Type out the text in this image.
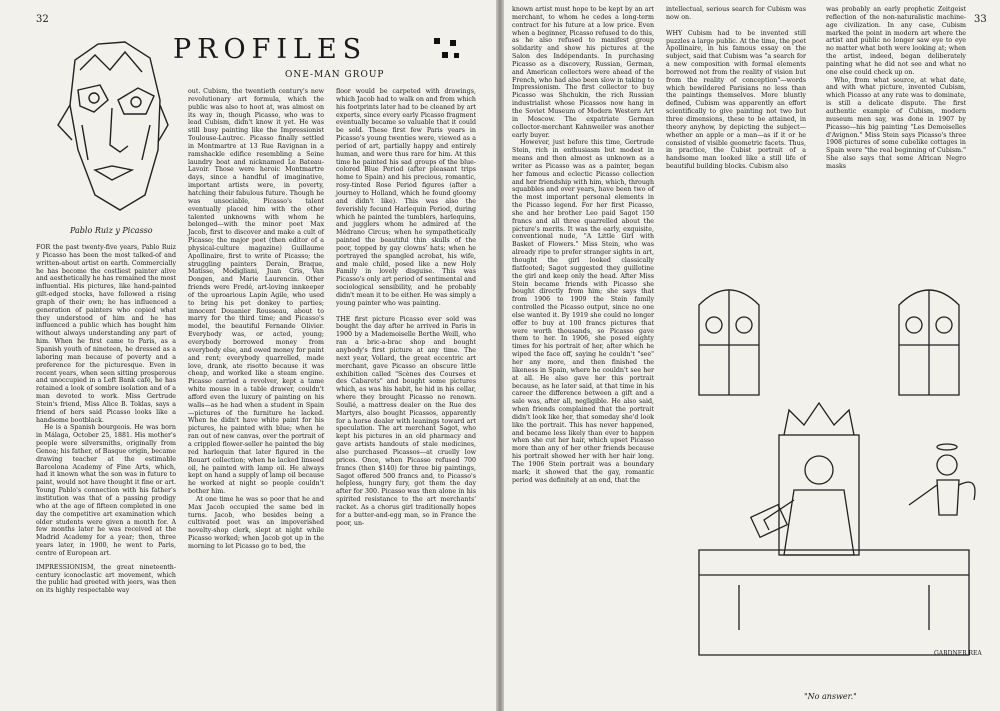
32
Pablo Ruiz y Picasso
PROFILES
ONE-MAN GROUP

FOR the past twenty-five years, Pablo Ruiz y Picasso has been the most talked-of and written-about artist on earth. Commercially he has become the costliest painter alive and aesthetically he has remained the most influential. His pictures, like hand-painted gilt-edged stocks, have followed a rising graph of their own; he has influenced a generation of painters who copied what they understood of him and he has influenced a public which has bought him without always understanding any part of him. When he first came to Paris, as a Spanish youth of nineteen, he dressed as a laboring man because of poverty and a preference for the picturesque. Even in recent years, when seen sitting prosperous and unoccupied in a Left Bank café, he has retained a look of sombre isolation and of a man devoted to work. Miss Gertrude Stein's friend, Miss Alice B. Toklas, says a friend of hers said Picasso looks like a handsome bootblack.

He is a Spanish bourgeois. He was born in Málaga, October 25, 1881. His mother's people were silversmiths, originally from Genoa; his father, of Basque origin, became drawing teacher at the estimable Barcelona Academy of Fine Arts, which, had it known what the son was in future to paint, would not have thought it fine or art. Young Pablo's connection with his father's institution was that of a passing prodigy who at the age of fifteen completed in one day the competitive art examination which older students were given a month for. A few months later he was received at the Madrid Academy for a year; then, three years later, in 1900, he went to Paris, centre of European art.

IMPRESSIONISM, the great nineteenth-century iconoclastic art movement, which the public had greeted with jeers, was then on its highly respectable way

out. Cubism, the twentieth century's new revolutionary art formula, which the public was also to hoot at, was almost on its way in, though Picasso, who was to lead Cubism, didn't know it yet. He was still busy painting like the Impressionist Toulouse-Lautrec. Picasso finally settled in Montmartre at 13 Rue Ravignan in a ramshackle edifice resembling a Seine laundry boat and nicknamed Le Bateau-Lavoir. Those were heroic Montmartre days, since a handful of imaginative, important artists were, in poverty, hatching their fabulous future. Though he was unsociable, Picasso's talent eventually placed him with the other talented unknowns with whom he belonged—with the minor poet Max Jacob, first to discover and make a cult of Picasso; the major poet (then editor of a physical-culture magazine) Guillaume Apollinaire, first to write of Picasso; the struggling painters Derain, Braque, Matisse, Modigliani, Juan Gris, Van Dongen, and Marie Laurencin. Other friends were Fredé, art-loving innkeeper of the uproarious Lapin Agile, who used to bring his pet donkey to parties; innocent Douanier Rousseau, about to marry for the third time; and Picasso's model, the beautiful Fernande Olivier. Everybody was, or acted, young; everybody borrowed money from everybody else, and owed money for paint and rent; everybody quarrelled, made love, drank, ate risotto because it was cheap, and worked like a steam engine. Picasso carried a revolver, kept a tame white mouse in a table drawer, couldn't afford even the luxury of painting on his walls—as he had when a student in Spain—pictures of the furniture he lacked. When he didn't have white paint for his pictures, he painted with blue; when he ran out of new canvas, over the portrait of a crippled flower-seller he painted the big red harlequin that later figured in the Rouart collection; when he lacked linseed oil, he painted with lamp oil. He always kept on hand a supply of lamp oil because he worked at night so people couldn't bother him.

At one time he was so poor that he and Max Jacob occupied the same bed in turns. Jacob, who besides being a cultivated poet was an impoverished novelty-shop clerk, slept at night while Picasso worked; when Jacob got up in the morning to let Picasso go to bed, the

floor would be carpeted with drawings, which Jacob had to walk on and from which his footprints later had to be cleaned by art experts, since every early Picasso fragment eventually became so valuable that it could be sold. These first few Paris years in Picasso's young twenties were, viewed as a period of art, partially happy and entirely human, and were thus rare for him. At this time he painted his sad groups of the blue-colored Blue Period (after pleasant trips home to Spain) and his precious, romantic, rosy-tinted Rose Period figures (after a journey to Holland, which he found gloomy and didn't like). This was also the feverishly fecund Harlequin Period, during which he painted the tumblers, harlequins, and jugglers whom he admired at the Médrano Circus; when he sympathetically painted the beautiful thin skulls of the poor, topped by gay clowns' hats; when he portrayed the spangled acrobat, his wife, and male child, posed like a new Holy Family in lovely disguise. This was Picasso's only art period of sentimental and sociological sensibility, and he probably didn't mean it to be either. He was simply a young painter who was painting.

THE first picture Picasso ever sold was bought the day after he arrived in Paris in 1900 by a Mademoiselle Berthe Weill, who ran a bric-a-brac shop and bought anybody's first picture at any time. The next year, Vollard, the great eccentric art merchant, gave Picasso an obscure little exhibition called "Scènes des Courses et des Cabarets" and bought some pictures which, as was his habit, he hid in his cellar, where they brought Picasso no renown. Soulié, a mattress dealer on the Rue des Martyrs, also bought Picassos, apparently for a horse dealer with leanings toward art speculation. The art merchant Sagot, who kept his pictures in an old pharmacy and gave artists handouts of stale medicines, also purchased Picassos—at cruelly low prices. Once, when Picasso refused 700 francs (then $140) for three big paintings, Sagot offered 500 francs and, to Picasso's helpless, hungry fury, got them the day after for 300. Picasso was then alone in his spirited resistance to the art merchants' racket. As a chorus girl traditionally hopes for a butter-and-egg man, so in France the poor, un-

33

known artist must hope to be kept by an art merchant, to whom he cedes a long-term contract for his future at a low price. Even when a beginner, Picasso refused to do this, as he also refused to manifest group solidarity and show his pictures at the Salon des Indépendants. In purchasing Picasso as a discovery, Russian, German, and American collectors were ahead of the French, who had also been slow in taking to Impressionism. The first collector to buy Picasso was Shchukin, the rich Russian industrialist whose Picassos now hang in the Soviet Museum of Modern Western Art in Moscow. The expatriate German collector-merchant Kahnweiler was another early buyer.

However, just before this time, Gertrude Stein, rich in enthusiasm but modest in means and then almost as unknown as a writer as Picasso was as a painter, began her famous and eclectic Picasso collection and her friendship with him, which, through squabbles and over years, have been two of the most important personal elements in the Picasso legend. For her first Picasso, she and her brother Leo paid Sagot 150 francs and all three quarrelled about the picture's merits. It was the early, exquisite, conventional nude, "A Little Girl with Basket of Flowers." Miss Stein, who was already ripe to prefer stranger sights in art, thought the girl looked classically flatfooted; Sagot suggested they guillotine the girl and keep only the head. After Miss Stein became friends with Picasso she bought directly from him; she says that from 1906 to 1909 the Stein family controlled the Picasso output, since no one else wanted it. By 1919 she could no longer offer to buy at 100 francs pictures that were worth thousands, so Picasso gave them to her. In 1906, she posed eighty times for his portrait of her, after which he wiped the face off, saying he couldn't "see" her any more, and then finished the likeness in Spain, where he couldn't see her at all. He also gave her this portrait because, as he later said, at that time in his career the difference between a gift and a sale was, after all, negligible. He also said, when friends complained that the portrait didn't look like her, that someday she'd look like the portrait. This has never happened, and became less likely than ever to happen when she cut her hair, which upset Picasso more than any of her other friends because his portrait showed her with her hair long. The 1906 Stein portrait was a boundary mark; it showed that the gay, romantic period was definitely at an end, that the

intellectual, serious search for Cubism was now on.

WHY Cubism had to be invented still puzzles a large public. At the time, the poet Apollinaire, in his famous essay on the subject, said that Cubism was "a search for a new composition with formal elements borrowed not from the reality of vision but from the reality of conception"—words which bewildered Parisians no less than the paintings themselves. More bluntly defined, Cubism was apparently an effort scientifically to give painting not two but three dimensions, these to be attained, in theory anyhow, by depicting the subject—whether an apple or a man—as if it or he consisted of visible geometric facets. Thus, in practice, the Cubist portrait of a handsome man looked like a still life of beautiful building blocks. Cubism also

was probably an early prophetic Zeitgeist reflection of the non-naturalistic machine-age civilization. In any case, Cubism marked the point in modern art where the artist and public no longer saw eye to eye no matter what both were looking at; when the artist, indeed, began deliberately painting what he did not see and what no one else could check up on.

Who, from what source, at what date, and with what picture, invented Cubism, which Picasso at any rate was to dominate, is still a delicate dispute. The first authentic example of Cubism, modern museum men say, was done in 1907 by Picasso—his big painting "Les Demoiselles d'Avignon." Miss Stein says Picasso's three 1908 pictures of some cubelike cottages in Spain were "the real beginning of Cubism." She also says that some African Negro masks

GARDNER REA
"No answer."
